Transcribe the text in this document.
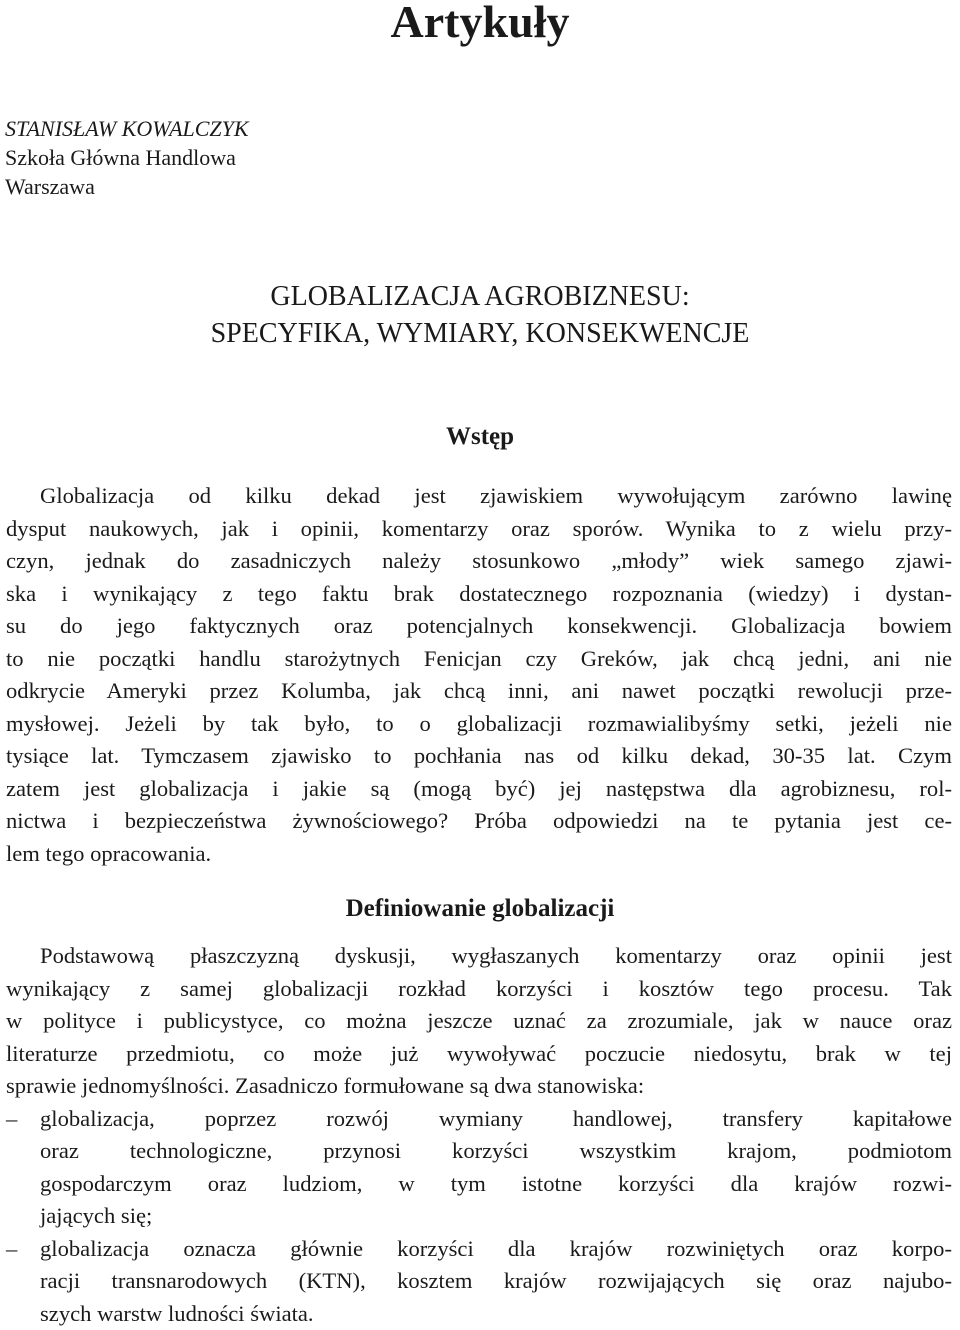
Artykuły
STANISŁAW KOWALCZYK
Szkoła Główna Handlowa
Warszawa
GLOBALIZACJA AGROBIZNESU:
SPECYFIKA, WYMIARY, KONSEKWENCJE
Wstęp
Globalizacja od kilku dekad jest zjawiskiem wywołującym zarówno lawinę
dysput naukowych, jak i opinii, komentarzy oraz sporów. Wynika to z wielu przy-
czyn, jednak do zasadniczych należy stosunkowo „młody” wiek samego zjawi-
ska i wynikający z tego faktu brak dostatecznego rozpoznania (wiedzy) i dystan-
su do jego faktycznych oraz potencjalnych konsekwencji. Globalizacja bowiem
to nie początki handlu starożytnych Fenicjan czy Greków, jak chcą jedni, ani nie
odkrycie Ameryki przez Kolumba, jak chcą inni, ani nawet początki rewolucji prze-
mysłowej. Jeżeli by tak było, to o globalizacji rozmawialibyśmy setki, jeżeli nie
tysiące lat. Tymczasem zjawisko to pochłania nas od kilku dekad, 30-35 lat. Czym
zatem jest globalizacja i jakie są (mogą być) jej następstwa dla agrobiznesu, rol-
nictwa i bezpieczeństwa żywnościowego? Próba odpowiedzi na te pytania jest ce-
lem tego opracowania.
Definiowanie globalizacji
Podstawową płaszczyzną dyskusji, wygłaszanych komentarzy oraz opinii jest
wynikający z samej globalizacji rozkład korzyści i kosztów tego procesu. Tak
w polityce i publicystyce, co można jeszcze uznać za zrozumiale, jak w nauce oraz
literaturze przedmiotu, co może już wywoływać poczucie niedosytu, brak w tej
sprawie jednomyślności. Zasadniczo formułowane są dwa stanowiska:
– globalizacja, poprzez rozwój wymiany handlowej, transfery kapitałowe
oraz technologiczne, przynosi korzyści wszystkim krajom, podmiotom
gospodarczym oraz ludziom, w tym istotne korzyści dla krajów rozwi-
jających się;
– globalizacja oznacza głównie korzyści dla krajów rozwiniętych oraz korpo-
racji transnarodowych (KTN), kosztem krajów rozwijających się oraz najubo-
szych warstw ludności świata.
